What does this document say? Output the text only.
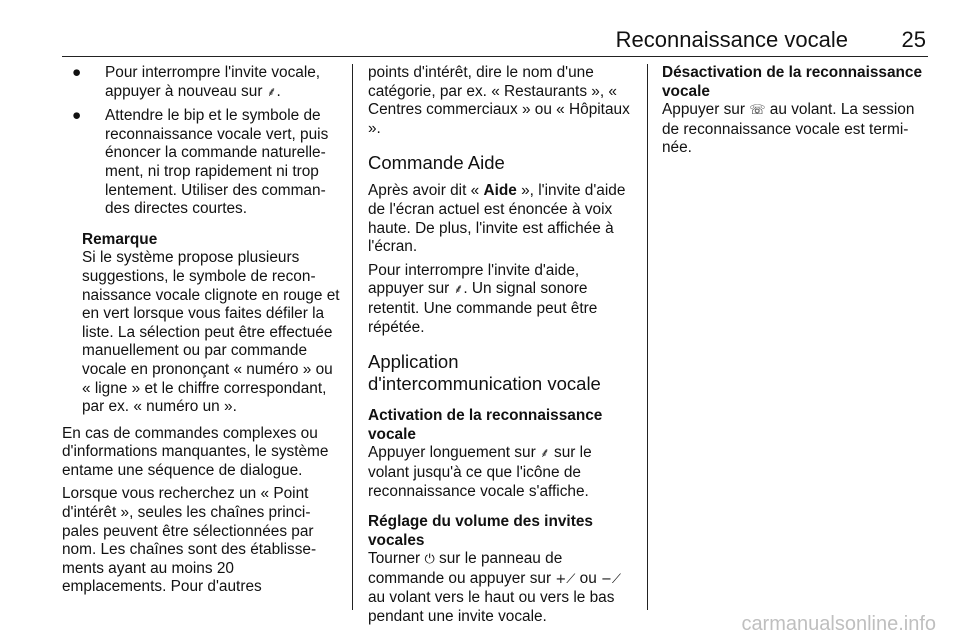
Reconnaissance vocale 25
● Pour interrompre l'invite vocale, appuyer à nouveau sur ⸙.
● Attendre le bip et le symbole de reconnaissance vocale vert, puis énoncer la commande naturellement, ni trop rapidement ni trop lentement. Utiliser des commandes directes courtes.

Remarque

Si le système propose plusieurs suggestions, le symbole de reconnaissance vocale clignote en rouge et en vert lorsque vous faites défiler la liste. La sélection peut être effectuée manuellement ou par commande vocale en prononçant « numéro » ou « ligne » et le chiffre correspondant, par ex. « numéro un ».

En cas de commandes complexes ou d'informations manquantes, le système entame une séquence de dialogue.

Lorsque vous recherchez un « Point d'intérêt », seules les chaînes principales peuvent être sélectionnées par nom. Les chaînes sont des établissements ayant au moins 20 emplacements. Pour d'autres

points d'intérêt, dire le nom d'une catégorie, par ex. « Restaurants », « Centres commerciaux » ou « Hôpitaux ».

Commande Aide

Après avoir dit « Aide », l'invite d'aide de l'écran actuel est énoncée à voix haute. De plus, l'invite est affichée à l'écran.

Pour interrompre l'invite d'aide, appuyer sur ⸙. Un signal sonore retentit. Une commande peut être répétée.

Application d'intercommunication vocale
Activation de la reconnaissance vocale

Appuyer longuement sur ⸙ sur le volant jusqu'à ce que l'icône de reconnaissance vocale s'affiche.

Réglage du volume des invites vocales

Tourner ⏻ sur le panneau de commande ou appuyer sur +⟋ ou −⟋ au volant vers le haut ou vers le bas pendant une invite vocale.

Désactivation de la reconnaissance vocale

Appuyer sur ☏ au volant. La session de reconnaissance vocale est terminée.

carmanualsonline.info
